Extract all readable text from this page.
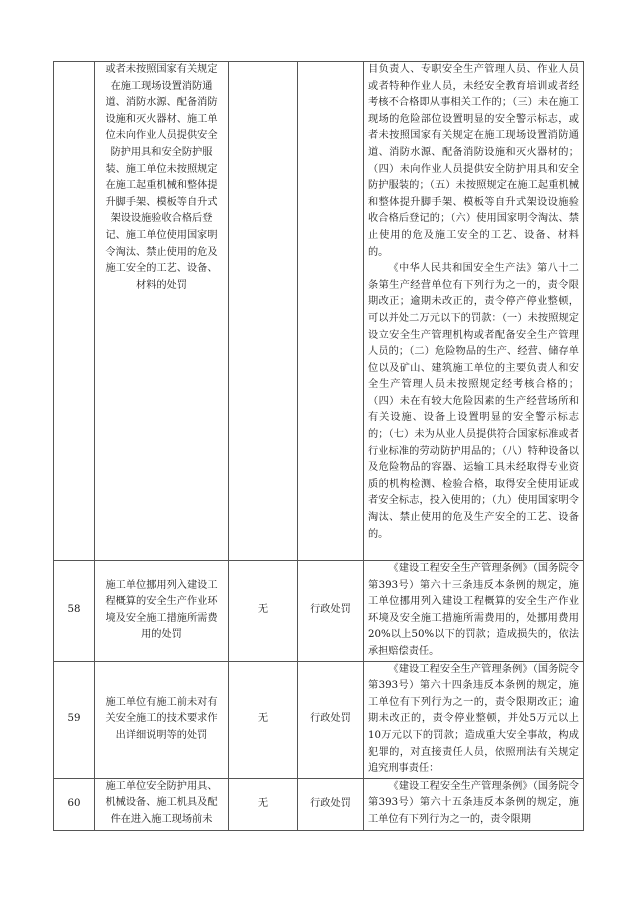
	或者未按照国家有关规定在施工现场设置消防通道、消防水源、配备消防设施和灭火器材、施工单位未向作业人员提供安全防护用具和安全防护服装、施工单位未按照规定在施工起重机械和整体提升脚手架、模板等自升式架设设施验收合格后登记、施工单位使用国家明令淘汰、禁止使用的危及施工安全的工艺、设备、材料的处罚			目负责人、专职安全生产管理人员、作业人员或者特种作业人员，未经安全教育培训或者经考核不合格即从事相关工作的；（三）未在施工现场的危险部位设置明显的安全警示标志，或者未按照国家有关规定在施工现场设置消防通道、消防水源、配备消防设施和灭火器材的；（四）未向作业人员提供安全防护用具和安全防护服装的；（五）未按照规定在施工起重机械和整体提升脚手架、模板等自升式架设设施验收合格后登记的；（六）使用国家明令淘汰、禁止使用的危及施工安全的工艺、设备、材料的。

《中华人民共和国安全生产法》第八十二条第生产经营单位有下列行为之一的，责令限期改正；逾期未改正的，责令停产停业整顿，可以并处二万元以下的罚款：（一）未按照规定设立安全生产管理机构或者配备安全生产管理人员的；（二）危险物品的生产、经营、储存单位以及矿山、建筑施工单位的主要负责人和安全生产管理人员未按照规定经考核合格的；（四）未在有较大危险因素的生产经营场所和有关设施、设备上设置明显的安全警示标志的；（七）未为从业人员提供符合国家标准或者行业标准的劳动防护用品的；（八）特种设备以及危险物品的容器、运输工具未经取得专业资质的机构检测、检验合格，取得安全使用证或者安全标志，投入使用的；（九）使用国家明令淘汰、禁止使用的危及生产安全的工艺、设备的。

58	施工单位挪用列入建设工程概算的安全生产作业环境及安全施工措施所需费用的处罚	无	行政处罚	《建设工程安全生产管理条例》（国务院令第393号）第六十三条违反本条例的规定，施工单位挪用列入建设工程概算的安全生产作业环境及安全施工措施所需费用的，处挪用费用20%以上50%以下的罚款；造成损失的，依法承担赔偿责任。

59	施工单位有施工前未对有关安全施工的技术要求作出详细说明等的处罚	无	行政处罚	《建设工程安全生产管理条例》（国务院令第393号）第六十四条违反本条例的规定，施工单位有下列行为之一的，责令限期改正；逾期未改正的，责令停业整顿，并处5万元以上10万元以下的罚款；造成重大安全事故，构成犯罪的，对直接责任人员，依照刑法有关规定追究刑事责任：

60	施工单位安全防护用具、机械设备、施工机具及配件在进入施工现场前未	无	行政处罚	《建设工程安全生产管理条例》（国务院令第393号）第六十五条违反本条例的规定，施工单位有下列行为之一的，责令限期
